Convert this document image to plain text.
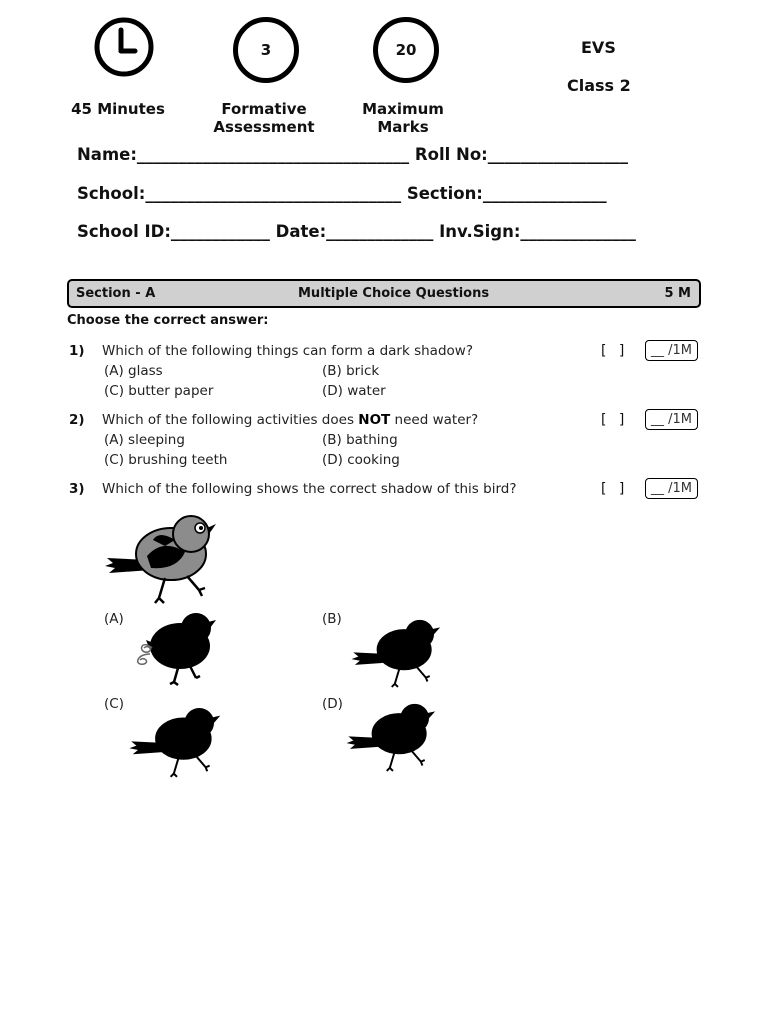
3	20	EVS
Class 2
45 Minutes	Formative
Assessment
Maximum
Marks
Name:_________________________________ Roll No:_________________
School:_______________________________ Section:_______________
School ID:____________ Date:_____________ Inv.Sign:______________
Section - A	Multiple Choice Questions	5 M
Choose the correct answer:
1) Which of the following things can form a dark shadow?
(A) glass	(B) brick
(C) butter paper	(D) water
[ ]	__ /1M
2) Which of the following activities does NOT need water?
(A) sleeping	(B) bathing
(C) brushing teeth	(D) cooking
[ ]	__ /1M
3) Which of the following shows the correct shadow of this bird?	[ ]	__ /1M
(A)	(B)
(C)	(D)
